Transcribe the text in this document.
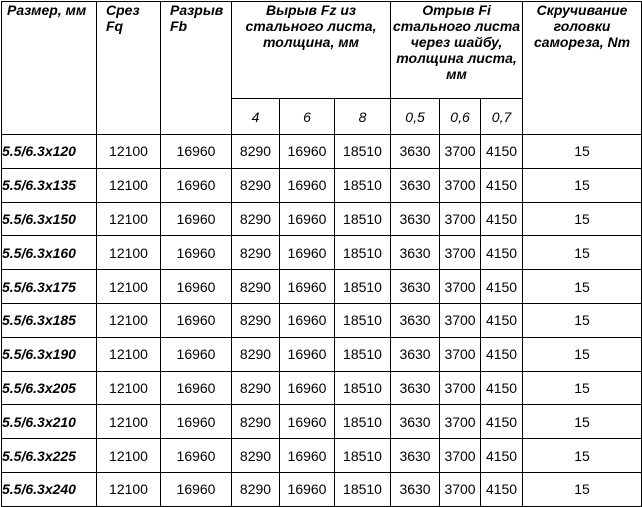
Размер, мм	Срез Fq	Разрыв Fb	Вырыв Fz из стального листа, толщина, мм			Отрыв Fi стального листа через шайбу, толщина листа, мм			Скручивание головки самореза, Nm
			4	6	8	0,5	0,6	0,7	
5.5/6.3x120	12100	16960	8290	16960	18510	3630	3700	4150	15
5.5/6.3x135	12100	16960	8290	16960	18510	3630	3700	4150	15
5.5/6.3x150	12100	16960	8290	16960	18510	3630	3700	4150	15
5.5/6.3x160	12100	16960	8290	16960	18510	3630	3700	4150	15
5.5/6.3x175	12100	16960	8290	16960	18510	3630	3700	4150	15
5.5/6.3x185	12100	16960	8290	16960	18510	3630	3700	4150	15
5.5/6.3x190	12100	16960	8290	16960	18510	3630	3700	4150	15
5.5/6.3x205	12100	16960	8290	16960	18510	3630	3700	4150	15
5.5/6.3x210	12100	16960	8290	16960	18510	3630	3700	4150	15
5.5/6.3x225	12100	16960	8290	16960	18510	3630	3700	4150	15
5.5/6.3x240	12100	16960	8290	16960	18510	3630	3700	4150	15
